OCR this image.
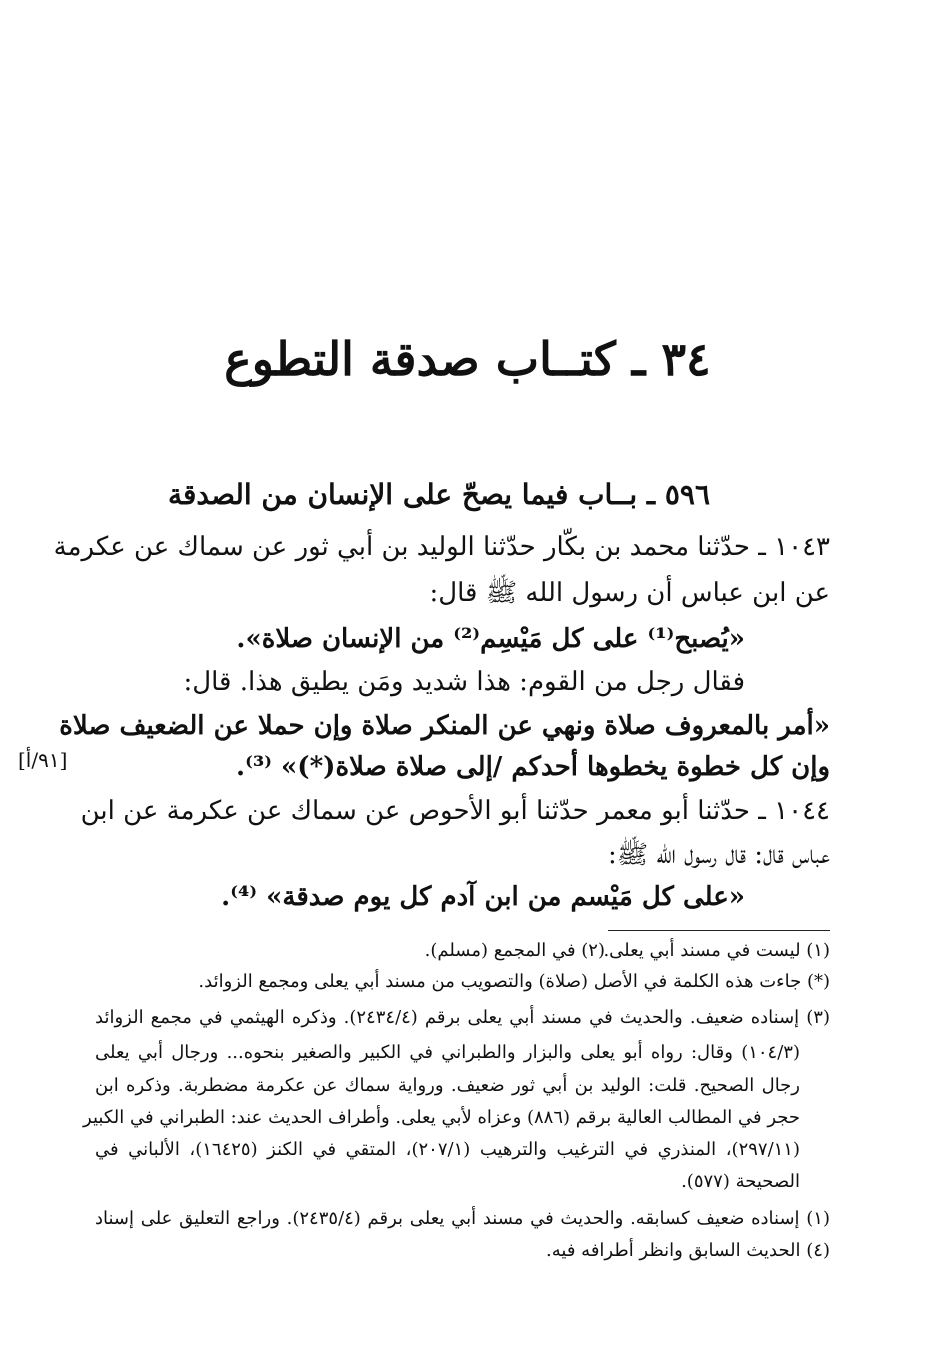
٣٤ ـ كتــاب صدقة التطوع
٥٩٦ ـ بــاب فيما يصحّ على الإنسان من الصدقة
١٠٤٣ ـ حدّثنا محمد بن بكّار حدّثنا الوليد بن أبي ثور عن سماك عن عكرمة
عن ابن عباس أن رسول الله ﷺ قال:
«يُصبح⁽¹⁾ على كل مَيْسِم⁽²⁾ من الإنسان صلاة».
فقال رجل من القوم: هذا شديد ومَن يطيق هذا. قال:
«أمر بالمعروف صلاة ونهي عن المنكر صلاة وإن حملا عن الضعيف صلاة
وإن كل خطوة يخطوها أحدكم /إلى صلاة صلاة(*)» ⁽³⁾.
[٩١/أ]
١٠٤٤ ـ حدّثنا أبو معمر حدّثنا أبو الأحوص عن سماك عن عكرمة عن ابن
عباس قال: قال رسول الله ﷺ:
«على كل مَيْسم من ابن آدم كل يوم صدقة» ⁽⁴⁾.
(١) ليست في مسند أبي يعلى.
(٢) في المجمع (مسلم).
(*) جاءت هذه الكلمة في الأصل (صلاة) والتصويب من مسند أبي يعلى ومجمع الزوائد.
(٣) إسناده ضعيف. والحديث في مسند أبي يعلى برقم (٢٤٣٤/٤). وذكره الهيثمي في مجمع الزوائد
(١٠٤/٣) وقال: رواه أبو يعلى والبزار والطبراني في الكبير والصغير بنحوه... ورجال أبي يعلى
رجال الصحيح. قلت: الوليد بن أبي ثور ضعيف. ورواية سماك عن عكرمة مضطربة. وذكره ابن
حجر في المطالب العالية برقم (٨٨٦) وعزاه لأبي يعلى. وأطراف الحديث عند: الطبراني في الكبير
(٢٩٧/١١)، المنذري في الترغيب والترهيب (٢٠٧/١)، المتقي في الكنز (١٦٤٢٥)، الألباني في
الصحيحة (٥٧٧).
(١) إسناده ضعيف كسابقه. والحديث في مسند أبي يعلى برقم (٢٤٣٥/٤). وراجع التعليق على إسناد
(٤) الحديث السابق وانظر أطرافه فيه.
